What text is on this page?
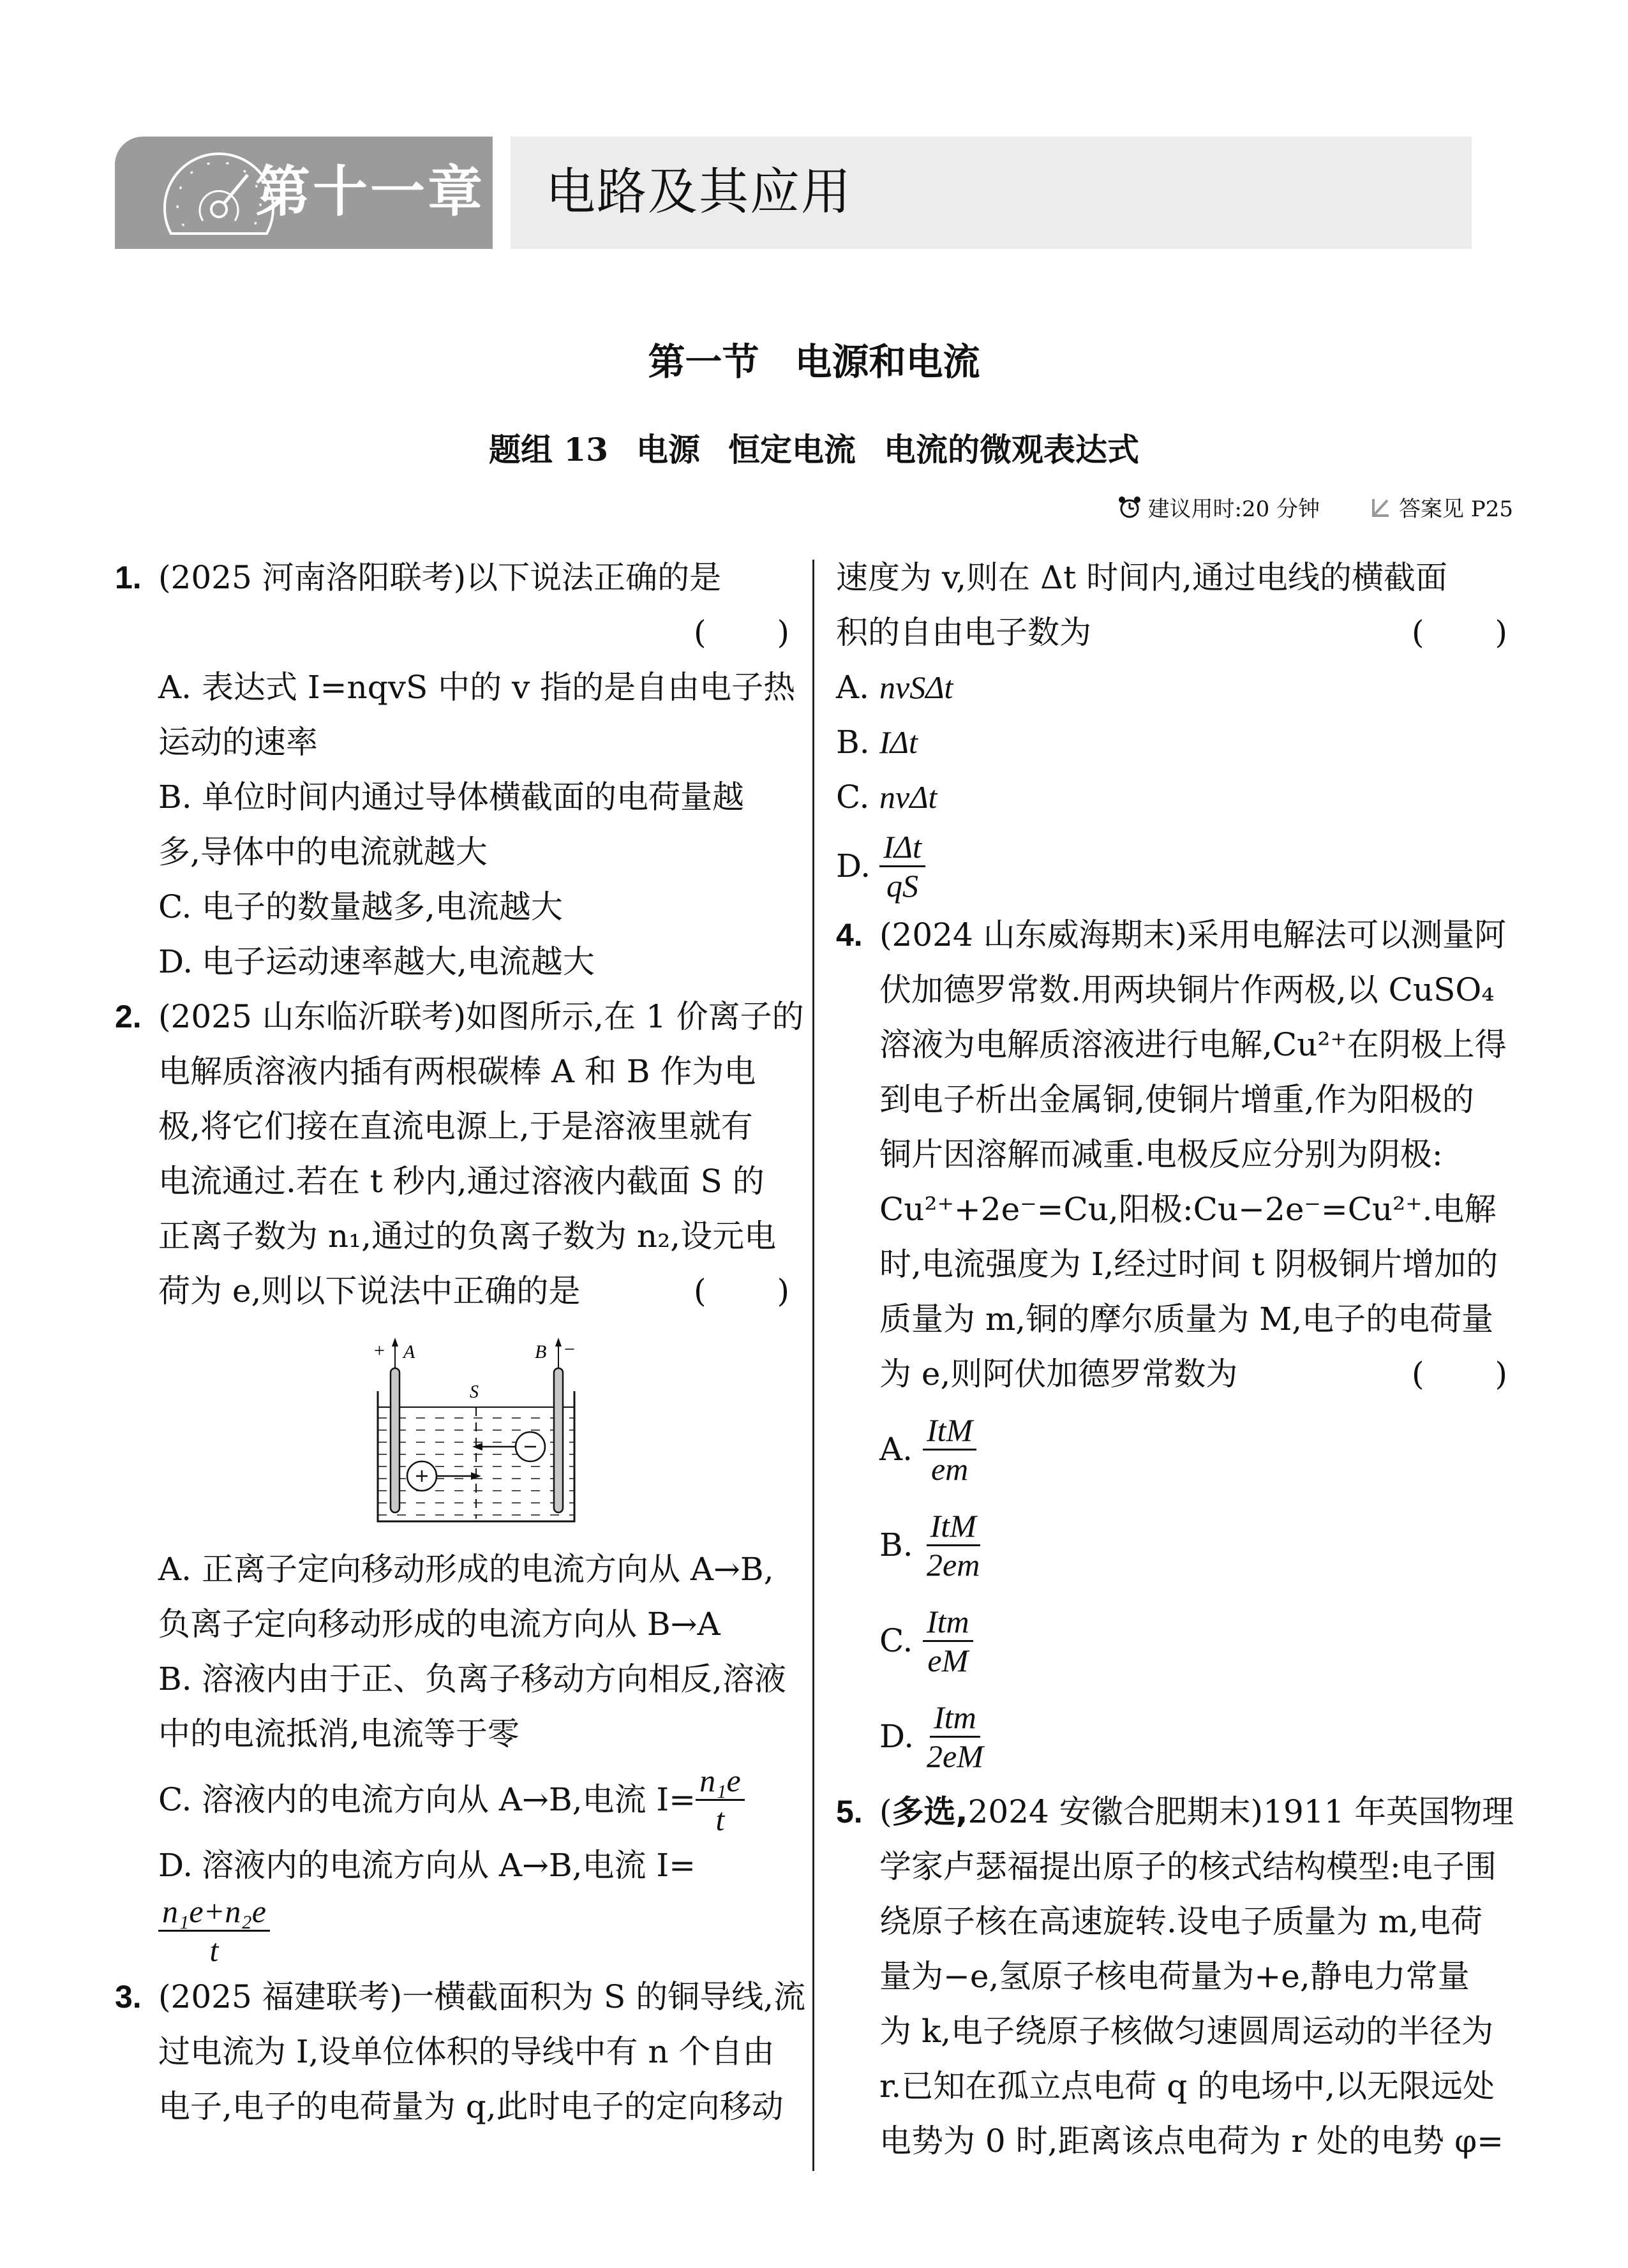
第十一章 电路及其应用
第一节 电源和电流
题组 13 电源 恒定电流 电流的微观表达式
建议用时:20 分钟	答案见 P25
1. (2025 河南洛阳联考)以下说法正确的是
( )
A. 表达式 I=nqvS 中的 v 指的是自由电子热
运动的速率
B. 单位时间内通过导体横截面的电荷量越
多,导体中的电流就越大
C. 电子的数量越多,电流越大
D. 电子运动速率越大,电流越大
2. (2025 山东临沂联考)如图所示,在 1 价离子的
电解质溶液内插有两根碳棒 A 和 B 作为电
极,将它们接在直流电源上,于是溶液里就有
电流通过.若在 t 秒内,通过溶液内截面 S 的
正离子数为 n₁,通过的负离子数为 n₂,设元电
荷为 e,则以下说法中正确的是	( )
A. 正离子定向移动形成的电流方向从 A→B,
负离子定向移动形成的电流方向从 B→A
B. 溶液内由于正、负离子移动方向相反,溶液
中的电流抵消,电流等于零
C. 溶液内的电流方向从 A→B,电流 $I= \frac{\text{n₁e}}{t}$
D. 溶液内的电流方向从 A→B,电流 I=
$\frac{\text{n₁e+n₂e}}{t}$
3. (2025 福建联考)一横截面积为 S 的铜导线,流
过电流为 I,设单位体积的导线中有 n 个自由
电子,电子的电荷量为 q,此时电子的定向移动
+ A	B −
S
速度为 v,则在 Δt 时间内,通过电线的横截面
积的自由电子数为	( )
A. nvSΔt
B. IΔt
C. nvΔt
D. $\frac{\text{IΔt}}{qS}$
4. (2024 山东威海期末)采用电解法可以测量阿
伏加德罗常数.用两块铜片作两极,以 CuSO₄
溶液为电解质溶液进行电解,Cu²⁺在阴极上得
到电子析出金属铜,使铜片增重,作为阳极的
铜片因溶解而减重.电极反应分别为阴极:
Cu²⁺+2e⁻=Cu,阳极:Cu−2e⁻=Cu²⁺.电解
时,电流强度为 I,经过时间 t 阴极铜片增加的
质量为 m,铜的摩尔质量为 M,电子的电荷量
为 e,则阿伏加德罗常数为	( )
A. $\frac{\text{ItM}}{em}$
B. $\frac{\text{ItM}}{2em}$
C. $\frac{\text{Itm}}{eM}$
D. $\frac{\text{Itm}}{2eM}$
5. (多选,2024 安徽合肥期末)1911 年英国物理
学家卢瑟福提出原子的核式结构模型:电子围
绕原子核在高速旋转.设电子质量为 m,电荷
量为−e,氢原子核电荷量为+e,静电力常量
为 k,电子绕原子核做匀速圆周运动的半径为
r.已知在孤立点电荷 q 的电场中,以无限远处
电势为 0 时,距离该点电荷为 r 处的电势 φ=
